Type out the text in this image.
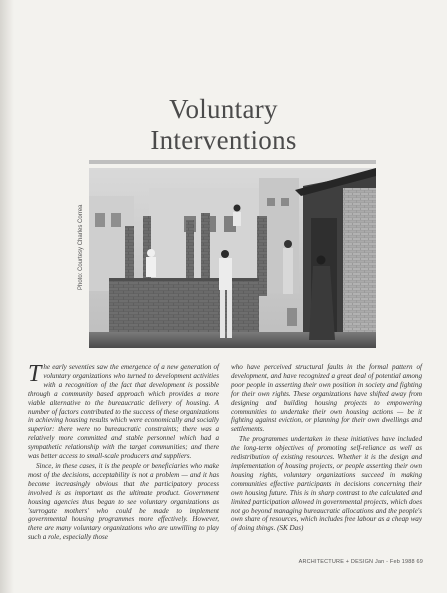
Voluntary
Interventions
Photo: Courtesy Charles Correa

The early seventies saw the emergence of a new generation of voluntary organizations who turned to development activities with a recognition of the fact that development is possible through a community based approach which provides a more viable alternative to the bureaucratic delivery of housing. A number of factors contributed to the success of these organizations in achieving housing results which were economically and socially superior: there were no bureaucratic constraints; there was a relatively more committed and stable personnel which had a sympathetic relationship with the target communities; and there was better access to small-scale producers and suppliers.

Since, in these cases, it is the people or beneficiaries who make most of the decisions, acceptability is not a problem — and it has become increasingly obvious that the participatory process involved is as important as the ultimate product. Government housing agencies thus began to see voluntary organizations as 'surrogate mothers' who could be made to implement governmental housing programmes more effectively. However, there are many voluntary organizations who are unwilling to play such a role, especially those

who have perceived structural faults in the formal pattern of development, and have recognized a great deal of potential among poor people in asserting their own position in society and fighting for their own rights. These organizations have shifted away from designing and building housing projects to empowering communities to undertake their own housing actions — be it fighting against eviction, or planning for their own dwellings and settlements.

The programmes undertaken in these initiatives have included the long-term objectives of promoting self-reliance as well as redistribution of existing resources. Whether it is the design and implementation of housing projects, or people asserting their own housing rights, voluntary organizations succeed in making communities effective participants in decisions concerning their own housing future. This is in sharp contrast to the calculated and limited participation allowed in governmental projects, which does not go beyond managing bureaucratic allocations and the people's own share of resources, which includes free labour as a cheap way of doing things. (SK Das)

ARCHITECTURE + DESIGN Jan - Feb 1988 69
